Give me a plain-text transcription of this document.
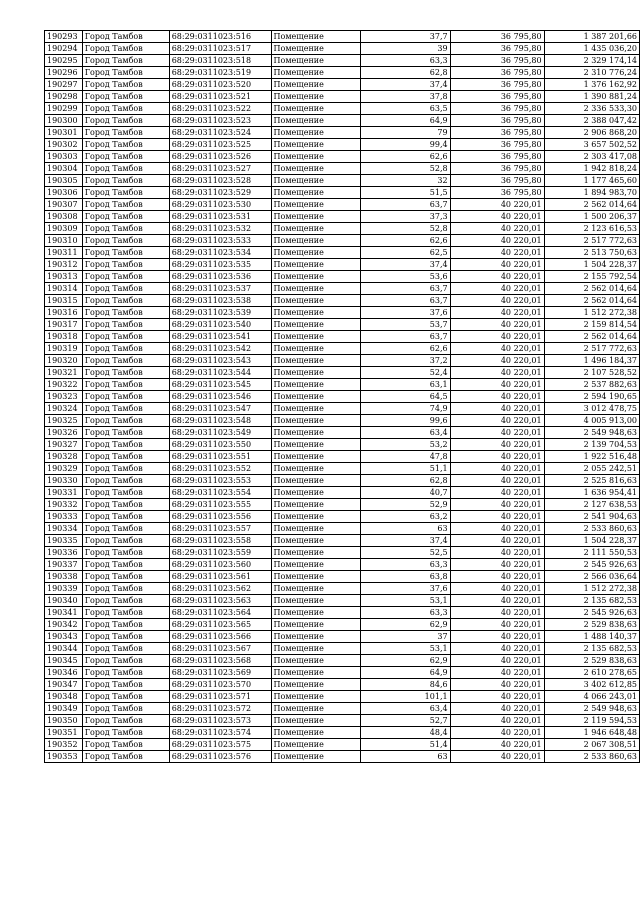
190293	Город Тамбов	68:29:0311023:516	Помещение	37,7	36 795,80	1 387 201,66
190294	Город Тамбов	68:29:0311023:517	Помещение	39	36 795,80	1 435 036,20
190295	Город Тамбов	68:29:0311023:518	Помещение	63,3	36 795,80	2 329 174,14
190296	Город Тамбов	68:29:0311023:519	Помещение	62,8	36 795,80	2 310 776,24
190297	Город Тамбов	68:29:0311023:520	Помещение	37,4	36 795,80	1 376 162,92
190298	Город Тамбов	68:29:0311023:521	Помещение	37,8	36 795,80	1 390 881,24
190299	Город Тамбов	68:29:0311023:522	Помещение	63,5	36 795,80	2 336 533,30
190300	Город Тамбов	68:29:0311023:523	Помещение	64,9	36 795,80	2 388 047,42
190301	Город Тамбов	68:29:0311023:524	Помещение	79	36 795,80	2 906 868,20
190302	Город Тамбов	68:29:0311023:525	Помещение	99,4	36 795,80	3 657 502,52
190303	Город Тамбов	68:29:0311023:526	Помещение	62,6	36 795,80	2 303 417,08
190304	Город Тамбов	68:29:0311023:527	Помещение	52,8	36 795,80	1 942 818,24
190305	Город Тамбов	68:29:0311023:528	Помещение	32	36 795,80	1 177 465,60
190306	Город Тамбов	68:29:0311023:529	Помещение	51,5	36 795,80	1 894 983,70
190307	Город Тамбов	68:29:0311023:530	Помещение	63,7	40 220,01	2 562 014,64
190308	Город Тамбов	68:29:0311023:531	Помещение	37,3	40 220,01	1 500 206,37
190309	Город Тамбов	68:29:0311023:532	Помещение	52,8	40 220,01	2 123 616,53
190310	Город Тамбов	68:29:0311023:533	Помещение	62,6	40 220,01	2 517 772,63
190311	Город Тамбов	68:29:0311023:534	Помещение	62,5	40 220,01	2 513 750,63
190312	Город Тамбов	68:29:0311023:535	Помещение	37,4	40 220,01	1 504 228,37
190313	Город Тамбов	68:29:0311023:536	Помещение	53,6	40 220,01	2 155 792,54
190314	Город Тамбов	68:29:0311023:537	Помещение	63,7	40 220,01	2 562 014,64
190315	Город Тамбов	68:29:0311023:538	Помещение	63,7	40 220,01	2 562 014,64
190316	Город Тамбов	68:29:0311023:539	Помещение	37,6	40 220,01	1 512 272,38
190317	Город Тамбов	68:29:0311023:540	Помещение	53,7	40 220,01	2 159 814,54
190318	Город Тамбов	68:29:0311023:541	Помещение	63,7	40 220,01	2 562 014,64
190319	Город Тамбов	68:29:0311023:542	Помещение	62,6	40 220,01	2 517 772,63
190320	Город Тамбов	68:29:0311023:543	Помещение	37,2	40 220,01	1 496 184,37
190321	Город Тамбов	68:29:0311023:544	Помещение	52,4	40 220,01	2 107 528,52
190322	Город Тамбов	68:29:0311023:545	Помещение	63,1	40 220,01	2 537 882,63
190323	Город Тамбов	68:29:0311023:546	Помещение	64,5	40 220,01	2 594 190,65
190324	Город Тамбов	68:29:0311023:547	Помещение	74,9	40 220,01	3 012 478,75
190325	Город Тамбов	68:29:0311023:548	Помещение	99,6	40 220,01	4 005 913,00
190326	Город Тамбов	68:29:0311023:549	Помещение	63,4	40 220,01	2 549 948,63
190327	Город Тамбов	68:29:0311023:550	Помещение	53,2	40 220,01	2 139 704,53
190328	Город Тамбов	68:29:0311023:551	Помещение	47,8	40 220,01	1 922 516,48
190329	Город Тамбов	68:29:0311023:552	Помещение	51,1	40 220,01	2 055 242,51
190330	Город Тамбов	68:29:0311023:553	Помещение	62,8	40 220,01	2 525 816,63
190331	Город Тамбов	68:29:0311023:554	Помещение	40,7	40 220,01	1 636 954,41
190332	Город Тамбов	68:29:0311023:555	Помещение	52,9	40 220,01	2 127 638,53
190333	Город Тамбов	68:29:0311023:556	Помещение	63,2	40 220,01	2 541 904,63
190334	Город Тамбов	68:29:0311023:557	Помещение	63	40 220,01	2 533 860,63
190335	Город Тамбов	68:29:0311023:558	Помещение	37,4	40 220,01	1 504 228,37
190336	Город Тамбов	68:29:0311023:559	Помещение	52,5	40 220,01	2 111 550,53
190337	Город Тамбов	68:29:0311023:560	Помещение	63,3	40 220,01	2 545 926,63
190338	Город Тамбов	68:29:0311023:561	Помещение	63,8	40 220,01	2 566 036,64
190339	Город Тамбов	68:29:0311023:562	Помещение	37,6	40 220,01	1 512 272,38
190340	Город Тамбов	68:29:0311023:563	Помещение	53,1	40 220,01	2 135 682,53
190341	Город Тамбов	68:29:0311023:564	Помещение	63,3	40 220,01	2 545 926,63
190342	Город Тамбов	68:29:0311023:565	Помещение	62,9	40 220,01	2 529 838,63
190343	Город Тамбов	68:29:0311023:566	Помещение	37	40 220,01	1 488 140,37
190344	Город Тамбов	68:29:0311023:567	Помещение	53,1	40 220,01	2 135 682,53
190345	Город Тамбов	68:29:0311023:568	Помещение	62,9	40 220,01	2 529 838,63
190346	Город Тамбов	68:29:0311023:569	Помещение	64,9	40 220,01	2 610 278,65
190347	Город Тамбов	68:29:0311023:570	Помещение	84,6	40 220,01	3 402 612,85
190348	Город Тамбов	68:29:0311023:571	Помещение	101,1	40 220,01	4 066 243,01
190349	Город Тамбов	68:29:0311023:572	Помещение	63,4	40 220,01	2 549 948,63
190350	Город Тамбов	68:29:0311023:573	Помещение	52,7	40 220,01	2 119 594,53
190351	Город Тамбов	68:29:0311023:574	Помещение	48,4	40 220,01	1 946 648,48
190352	Город Тамбов	68:29:0311023:575	Помещение	51,4	40 220,01	2 067 308,51
190353	Город Тамбов	68:29:0311023:576	Помещение	63	40 220,01	2 533 860,63
